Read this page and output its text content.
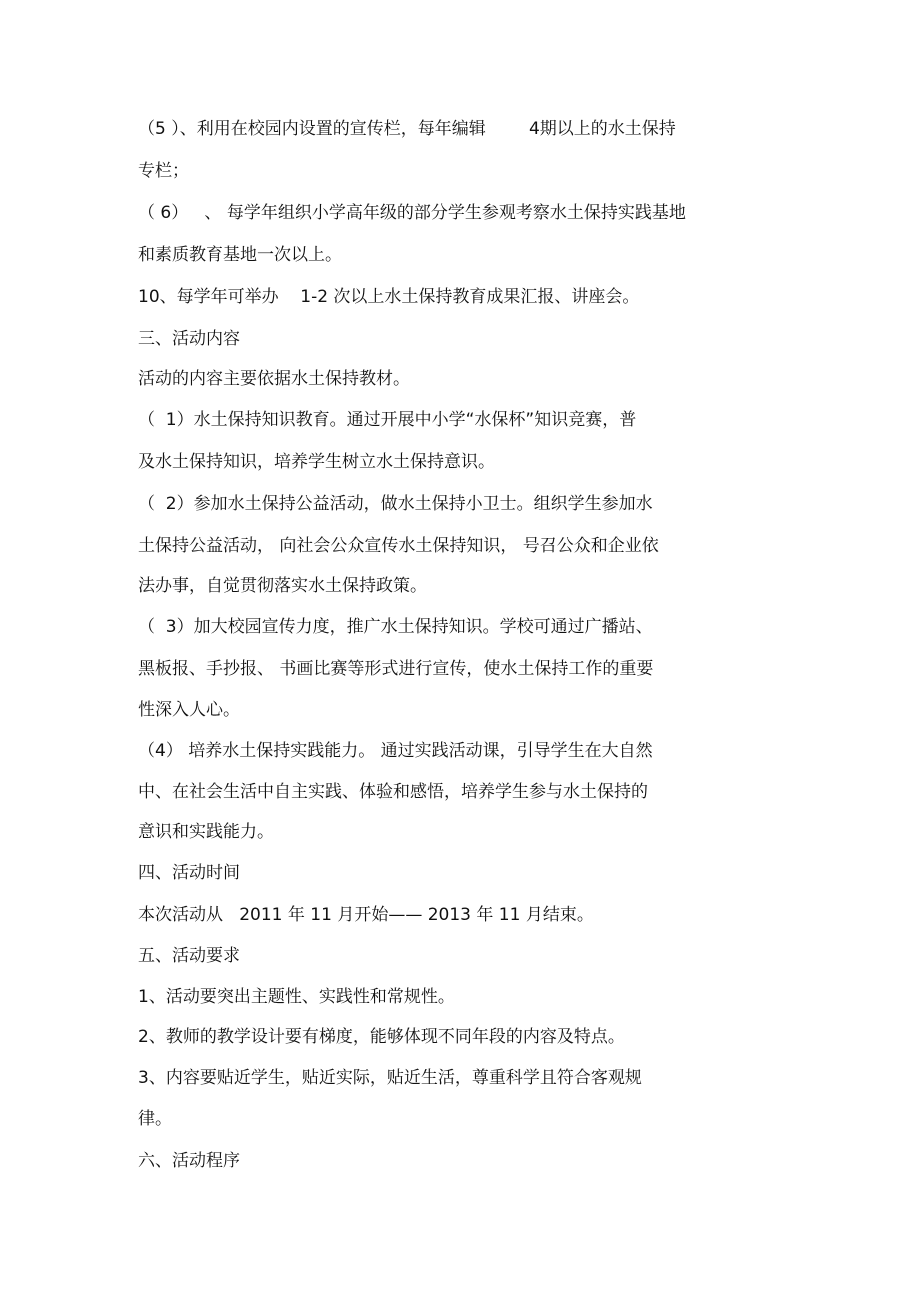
（5 ）、利用在校园内设置的宣传栏，每年编辑        4期以上的水土保持
专栏；
（ 6）   、 每学年组织小学高年级的部分学生参观考察水土保持实践基地
和素质教育基地一次以上。
10、每学年可举办    1-2 次以上水土保持教育成果汇报、讲座会。
三、活动内容
活动的内容主要依据水土保持教材。
（  1）水土保持知识教育。通过开展中小学“水保杯”知识竞赛，普
及水土保持知识，培养学生树立水土保持意识。
（  2）参加水土保持公益活动，做水土保持小卫士。组织学生参加水
土保持公益活动， 向社会公众宣传水土保持知识， 号召公众和企业依
法办事，自觉贯彻落实水土保持政策。
（  3）加大校园宣传力度，推广水土保持知识。学校可通过广播站、
黑板报、手抄报、 书画比赛等形式进行宣传，使水土保持工作的重要
性深入人心。
（4） 培养水土保持实践能力。 通过实践活动课，引导学生在大自然
中、在社会生活中自主实践、体验和感悟，培养学生参与水土保持的
意识和实践能力。
四、活动时间
本次活动从   2011 年 11 月开始—— 2013 年 11 月结束。
五、活动要求
1、活动要突出主题性、实践性和常规性。
2、教师的教学设计要有梯度，能够体现不同年段的内容及特点。
3、内容要贴近学生，贴近实际，贴近生活，尊重科学且符合客观规
律。
六、活动程序
